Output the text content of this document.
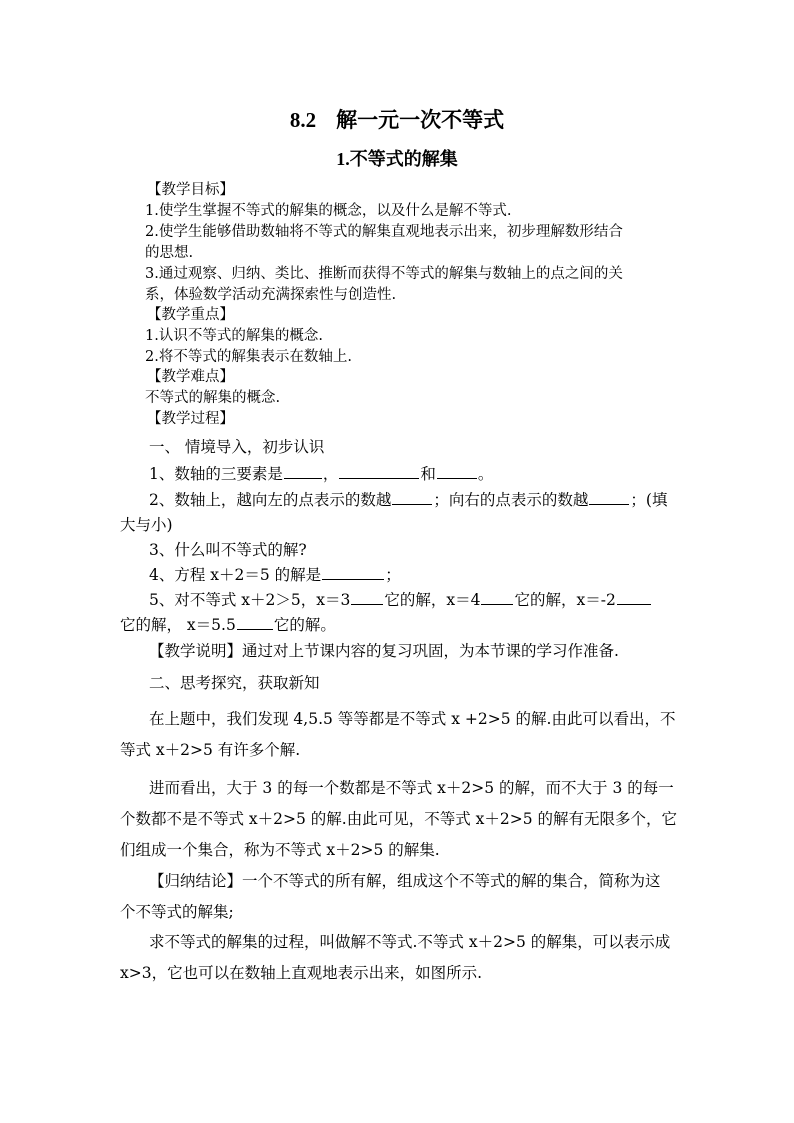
8.2 解一元一次不等式
1.不等式的解集
【教学目标】
1.使学生掌握不等式的解集的概念，以及什么是解不等式.
2.使学生能够借助数轴将不等式的解集直观地表示出来，初步理解数形结合
的思想.
3.通过观察、归纳、类比、推断而获得不等式的解集与数轴上的点之间的关
系，体验数学活动充满探索性与创造性.
【教学重点】
1.认识不等式的解集的概念.
2.将不等式的解集表示在数轴上.
【教学难点】
不等式的解集的概念.
【教学过程】
一、 情境导入，初步认识
1、数轴的三要素是	，	和	。
2、数轴上，越向左的点表示的数越	；向右的点表示的数越	；(填
大与小)
3、什么叫不等式的解?
4、方程 x＋2＝5 的解是	；
5、对不等式 x＋2＞5，x＝3 它的解，x＝4 它的解，x＝-2
它的解， x＝5.5 它的解。
【教学说明】通过对上节课内容的复习巩固，为本节课的学习作准备.
二、思考探究，获取新知
在上题中，我们发现 4,5.5 等等都是不等式 x +2>5 的解.由此可以看出，不
等式 x＋2>5 有许多个解.
进而看出，大于 3 的每一个数都是不等式 x＋2>5 的解，而不大于 3 的每一
个数都不是不等式 x＋2>5 的解.由此可见，不等式 x＋2>5 的解有无限多个，它
们组成一个集合，称为不等式 x＋2>5 的解集.
【归纳结论】一个不等式的所有解，组成这个不等式的解的集合，简称为这
个不等式的解集;
求不等式的解集的过程，叫做解不等式.不等式 x＋2>5 的解集，可以表示成
x>3，它也可以在数轴上直观地表示出来，如图所示.
